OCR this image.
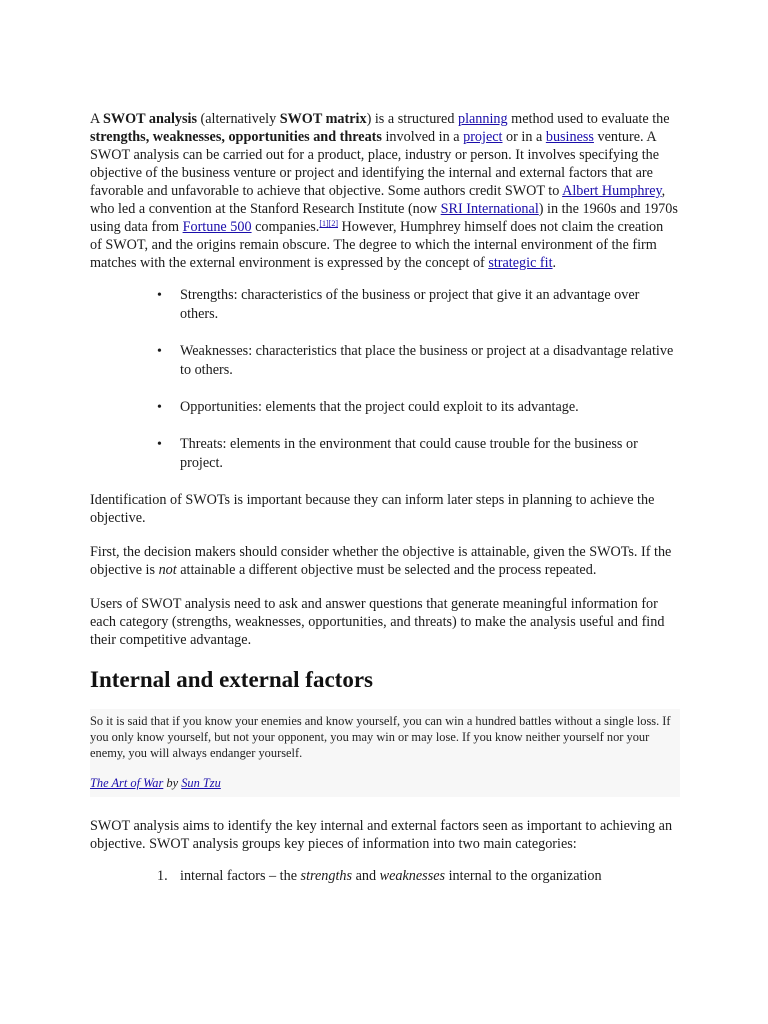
A SWOT analysis (alternatively SWOT matrix) is a structured planning method used to evaluate the strengths, weaknesses, opportunities and threats involved in a project or in a business venture. A SWOT analysis can be carried out for a product, place, industry or person. It involves specifying the objective of the business venture or project and identifying the internal and external factors that are favorable and unfavorable to achieve that objective. Some authors credit SWOT to Albert Humphrey, who led a convention at the Stanford Research Institute (now SRI International) in the 1960s and 1970s using data from Fortune 500 companies.[1][2] However, Humphrey himself does not claim the creation of SWOT, and the origins remain obscure. The degree to which the internal environment of the firm matches with the external environment is expressed by the concept of strategic fit.

• Strengths: characteristics of the business or project that give it an advantage over others.
• Weaknesses: characteristics that place the business or project at a disadvantage relative to others.
• Opportunities: elements that the project could exploit to its advantage.
• Threats: elements in the environment that could cause trouble for the business or project.

Identification of SWOTs is important because they can inform later steps in planning to achieve the objective.

First, the decision makers should consider whether the objective is attainable, given the SWOTs. If the objective is not attainable a different objective must be selected and the process repeated.

Users of SWOT analysis need to ask and answer questions that generate meaningful information for each category (strengths, weaknesses, opportunities, and threats) to make the analysis useful and find their competitive advantage.

Internal and external factors

So it is said that if you know your enemies and know yourself, you can win a hundred battles without a single loss. If you only know yourself, but not your opponent, you may win or may lose. If you know neither yourself nor your enemy, you will always endanger yourself.

The Art of War by Sun Tzu

SWOT analysis aims to identify the key internal and external factors seen as important to achieving an objective. SWOT analysis groups key pieces of information into two main categories:

1. internal factors – the strengths and weaknesses internal to the organization
